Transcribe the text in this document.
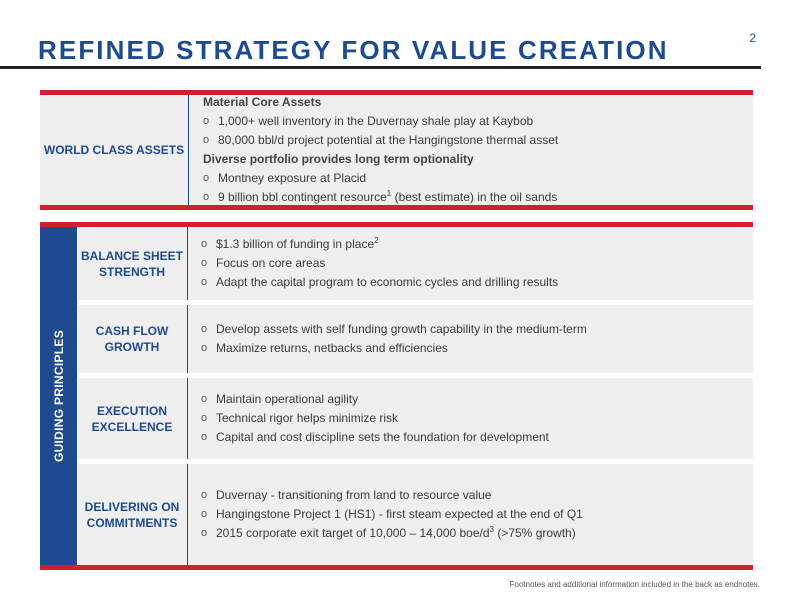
2
REFINED STRATEGY FOR VALUE CREATION
WORLD CLASS ASSETS
Material Core Assets
o 1,000+ well inventory in the Duvernay shale play at Kaybob
o 80,000 bbl/d project potential at the Hangingstone thermal asset
Diverse portfolio provides long term optionality
o Montney exposure at Placid
o 9 billion bbl contingent resource$^1$ (best estimate) in the oil sands
GUIDING PRINCIPLES
BALANCE SHEET
STRENGTH
o $1.3 billion of funding in place$^2$
o Focus on core areas
o Adapt the capital program to economic cycles and drilling results
CASH FLOW
GROWTH
o Develop assets with self funding growth capability in the medium-term
o Maximize returns, netbacks and efficiencies
EXECUTION
EXCELLENCE
o Maintain operational agility
o Technical rigor helps minimize risk
o Capital and cost discipline sets the foundation for development
DELIVERING ON
COMMITMENTS
o Duvernay - transitioning from land to resource value
o Hangingstone Project 1 (HS1) - first steam expected at the end of Q1
o 2015 corporate exit target of 10,000 – 14,000 boe/$d^3$ (>75% growth)
Footnotes and additional information included in the back as endnotes.
